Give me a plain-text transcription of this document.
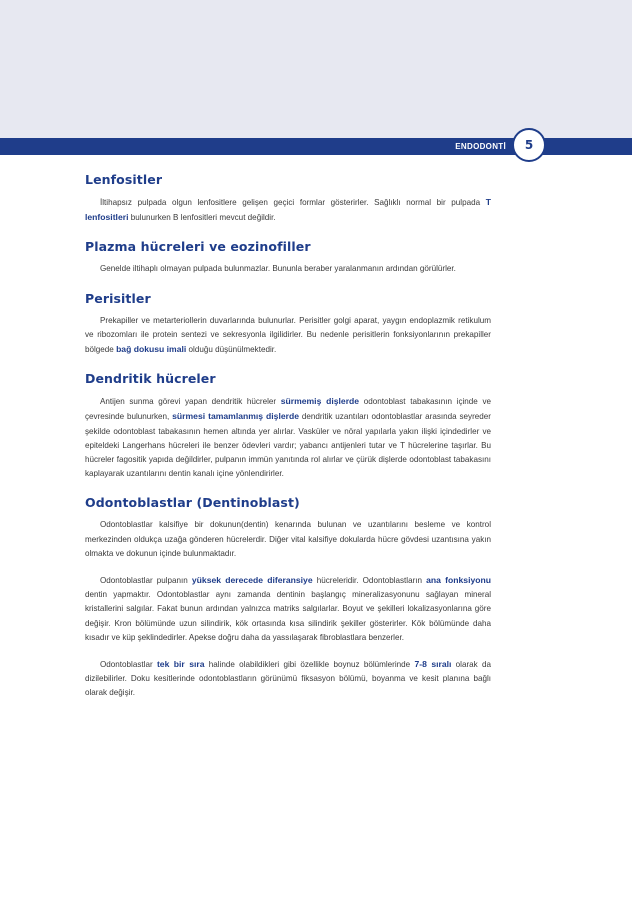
ENDODONTİ	5
Lenfositler

İltihapsız pulpada olgun lenfositlere gelişen geçici formlar gösterirler. Sağlıklı normal bir pulpada T lenfositleri bulunurken B lenfositleri mevcut değildir.

Plazma hücreleri ve eozinofiller

Genelde iltihaplı olmayan pulpada bulunmazlar. Bununla beraber yaralanmanın ardından görülürler.

Perisitler

Prekapiller ve metarteriollerin duvarlarında bulunurlar. Perisitler golgi aparat, yaygın endoplazmik retikulum ve ribozomları ile protein sentezi ve sekresyonla ilgilidirler. Bu nedenle perisitlerin fonksiyonlarının prekapiller bölgede bağ dokusu imali olduğu düşünülmektedir.

Dendritik hücreler

Antijen sunma görevi yapan dendritik hücreler sürmemiş dişlerde odontoblast tabakasının içinde ve çevresinde bulunurken, sürmesi tamamlanmış dişlerde dendritik uzantıları odontoblastlar arasında seyreder şekilde odontoblast tabakasının hemen altında yer alırlar. Vasküler ve nöral yapılarla yakın ilişki içindedirler ve epiteldeki Langerhans hücreleri ile benzer ödevleri vardır; yabancı antijenleri tutar ve T hücrelerine taşırlar. Bu hücreler fagositik yapıda değildirler, pulpanın immün yanıtında rol alırlar ve çürük dişlerde odontoblast tabakasını kaplayarak uzantılarını dentin kanalı içine yönlendirirler.

Odontoblastlar (Dentinoblast)

Odontoblastlar kalsifiye bir dokunun(dentin) kenarında bulunan ve uzantılarını besleme ve kontrol merkezinden oldukça uzağa gönderen hücrelerdir. Diğer vital kalsifiye dokularda hücre gövdesi uzantısına yakın olmakta ve dokunun içinde bulunmaktadır.

Odontoblastlar pulpanın yüksek derecede diferansiye hücreleridir. Odontoblastların ana fonksiyonu dentin yapmaktır. Odontoblastlar aynı zamanda dentinin başlangıç mineralizasyonunu sağlayan mineral kristallerini salgılar. Fakat bunun ardından yalnızca matriks salgılarlar. Boyut ve şekilleri lokalizasyonlarına göre değişir. Kron bölümünde uzun silindirik, kök ortasında kısa silindirik şekiller gösterirler. Kök bölümünde daha kısadır ve küp şeklindedirler. Apekse doğru daha da yassılaşarak fibroblastlara benzerler.

Odontoblastlar tek bir sıra halinde olabildikleri gibi özellikle boynuz bölümlerinde 7-8 sıralı olarak da dizilebilirler. Doku kesitlerinde odontoblastların görünümü fiksasyon bölümü, boyanma ve kesit planına bağlı olarak değişir.
